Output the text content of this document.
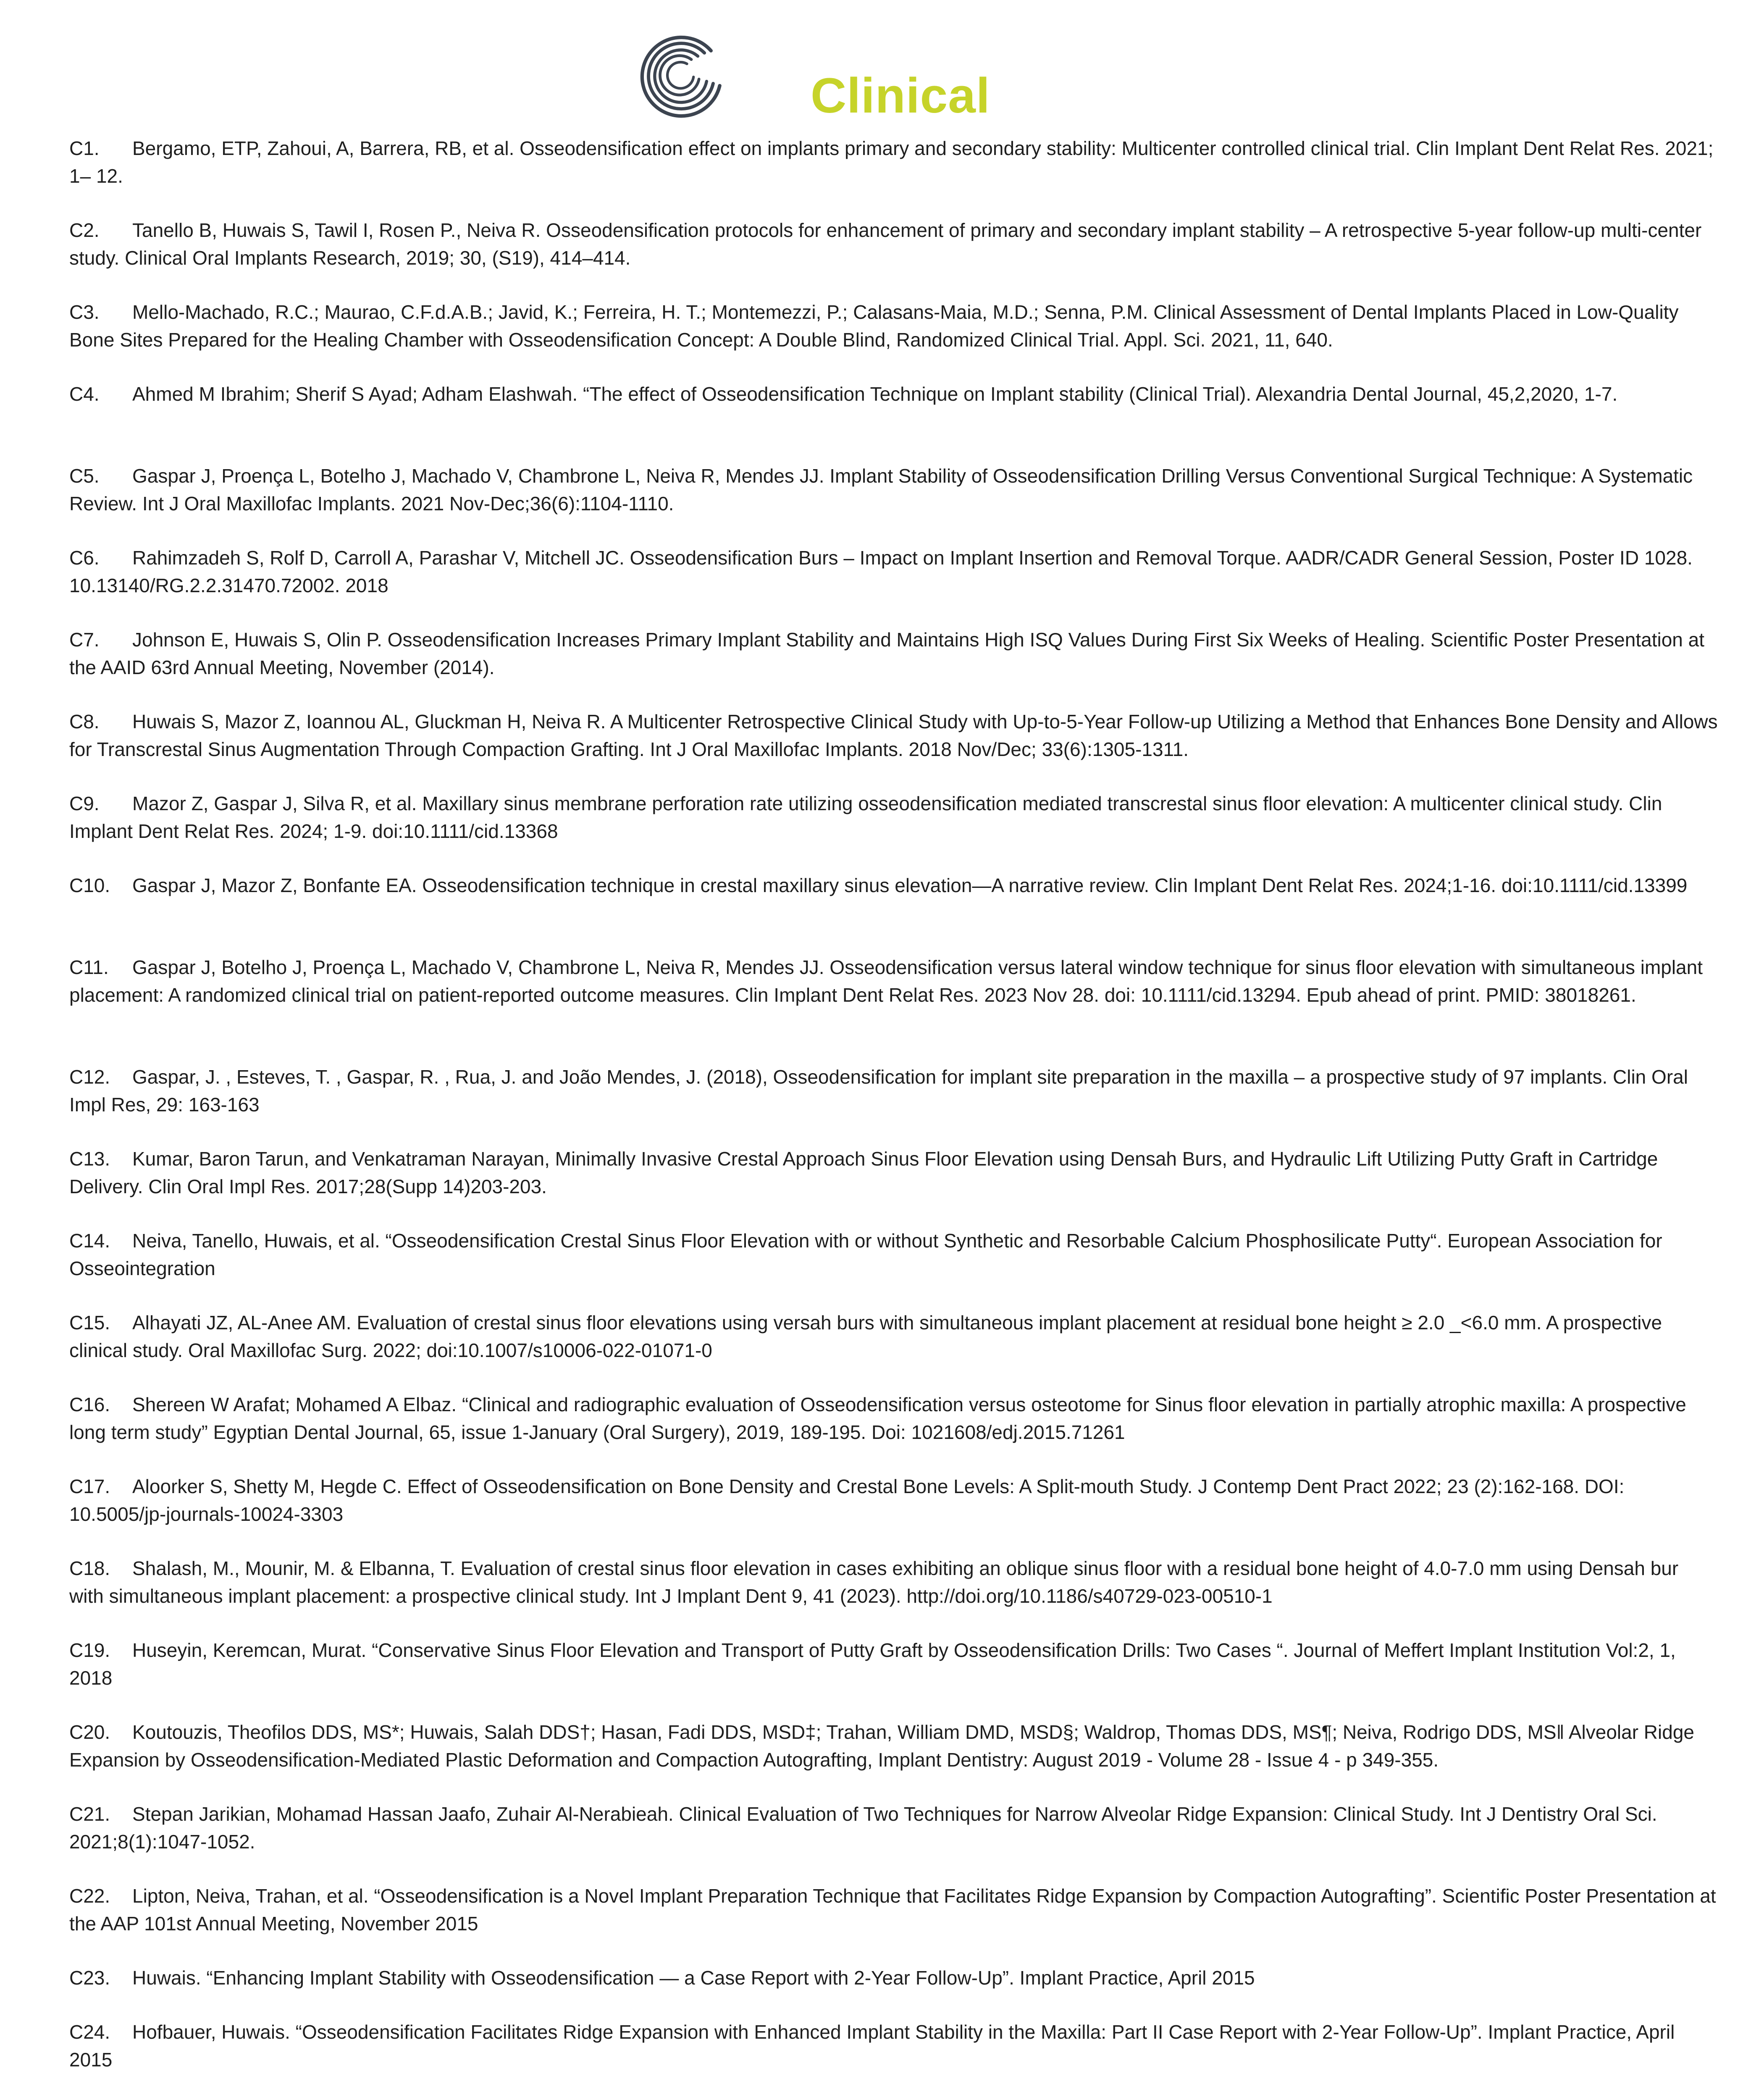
Clinical
C1. Bergamo, ETP, Zahoui, A, Barrera, RB, et al. Osseodensification effect on implants primary and secondary stability: Multicenter controlled clinical trial. Clin Implant Dent Relat Res. 2021; 1– 12.
C2. Tanello B, Huwais S, Tawil I, Rosen P., Neiva R. Osseodensification protocols for enhancement of primary and secondary implant stability – A retrospective 5-year follow-up multi-center study. Clinical Oral Implants Research, 2019; 30, (S19), 414–414.
C3. Mello-Machado, R.C.; Maurao, C.F.d.A.B.; Javid, K.; Ferreira, H. T.; Montemezzi, P.; Calasans-Maia, M.D.; Senna, P.M. Clinical Assessment of Dental Implants Placed in Low-Quality Bone Sites Prepared for the Healing Chamber with Osseodensification Concept: A Double Blind, Randomized Clinical Trial. Appl. Sci. 2021, 11, 640.
C4. Ahmed M Ibrahim; Sherif S Ayad; Adham Elashwah. “The effect of Osseodensification Technique on Implant stability (Clinical Trial). Alexandria Dental Journal, 45,2,2020, 1-7.
C5. Gaspar J, Proença L, Botelho J, Machado V, Chambrone L, Neiva R, Mendes JJ. Implant Stability of Osseodensification Drilling Versus Conventional Surgical Technique: A Systematic Review. Int J Oral Maxillofac Implants. 2021 Nov-Dec;36(6):1104-1110.
C6. Rahimzadeh S, Rolf D, Carroll A, Parashar V, Mitchell JC. Osseodensification Burs – Impact on Implant Insertion and Removal Torque. AADR/CADR General Session, Poster ID 1028. 10.13140/RG.2.2.31470.72002. 2018
C7. Johnson E, Huwais S, Olin P. Osseodensification Increases Primary Implant Stability and Maintains High ISQ Values During First Six Weeks of Healing. Scientific Poster Presentation at the AAID 63rd Annual Meeting, November (2014).
C8. Huwais S, Mazor Z, Ioannou AL, Gluckman H, Neiva R. A Multicenter Retrospective Clinical Study with Up-to-5-Year Follow-up Utilizing a Method that Enhances Bone Density and Allows for Transcrestal Sinus Augmentation Through Compaction Grafting. Int J Oral Maxillofac Implants. 2018 Nov/Dec; 33(6):1305-1311.
C9. Mazor Z, Gaspar J, Silva R, et al. Maxillary sinus membrane perforation rate utilizing osseodensification mediated transcrestal sinus floor elevation: A multicenter clinical study. Clin Implant Dent Relat Res. 2024; 1-9. doi:10.1111/cid.13368
C10. Gaspar J, Mazor Z, Bonfante EA. Osseodensification technique in crestal maxillary sinus elevation—A narrative review. Clin Implant Dent Relat Res. 2024;1-16. doi:10.1111/cid.13399
C11. Gaspar J, Botelho J, Proença L, Machado V, Chambrone L, Neiva R, Mendes JJ. Osseodensification versus lateral window technique for sinus floor elevation with simultaneous implant placement: A randomized clinical trial on patient-reported outcome measures. Clin Implant Dent Relat Res. 2023 Nov 28. doi: 10.1111/cid.13294. Epub ahead of print. PMID: 38018261.
C12. Gaspar, J. , Esteves, T. , Gaspar, R. , Rua, J. and João Mendes, J. (2018), Osseodensification for implant site preparation in the maxilla – a prospective study of 97 implants. Clin Oral Impl Res, 29: 163-163
C13. Kumar, Baron Tarun, and Venkatraman Narayan, Minimally Invasive Crestal Approach Sinus Floor Elevation using Densah Burs, and Hydraulic Lift Utilizing Putty Graft in Cartridge Delivery. Clin Oral Impl Res. 2017;28(Supp 14)203-203.
C14. Neiva, Tanello, Huwais, et al. “Osseodensification Crestal Sinus Floor Elevation with or without Synthetic and Resorbable Calcium Phosphosilicate Putty“. European Association for Osseointegration
C15. Alhayati JZ, AL-Anee AM. Evaluation of crestal sinus floor elevations using versah burs with simultaneous implant placement at residual bone height ≥ 2.0 _<6.0 mm. A prospective clinical study. Oral Maxillofac Surg. 2022; doi:10.1007/s10006-022-01071-0
C16. Shereen W Arafat; Mohamed A Elbaz. “Clinical and radiographic evaluation of Osseodensification versus osteotome for Sinus floor elevation in partially atrophic maxilla: A prospective long term study” Egyptian Dental Journal, 65, issue 1-January (Oral Surgery), 2019, 189-195. Doi: 1021608/edj.2015.71261
C17. Aloorker S, Shetty M, Hegde C. Effect of Osseodensification on Bone Density and Crestal Bone Levels: A Split-mouth Study. J Contemp Dent Pract 2022; 23 (2):162-168. DOI: 10.5005/jp-journals-10024-3303
C18. Shalash, M., Mounir, M. & Elbanna, T. Evaluation of crestal sinus floor elevation in cases exhibiting an oblique sinus floor with a residual bone height of 4.0-7.0 mm using Densah bur with simultaneous implant placement: a prospective clinical study. Int J Implant Dent 9, 41 (2023). http://doi.org/10.1186/s40729-023-00510-1
C19. Huseyin, Keremcan, Murat. “Conservative Sinus Floor Elevation and Transport of Putty Graft by Osseodensification Drills: Two Cases “. Journal of Meffert Implant Institution Vol:2, 1, 2018
C20. Koutouzis, Theofilos DDS, MS*; Huwais, Salah DDS†; Hasan, Fadi DDS, MSD‡; Trahan, William DMD, MSD§; Waldrop, Thomas DDS, MS¶; Neiva, Rodrigo DDS, MS‖ Alveolar Ridge Expansion by Osseodensification-Mediated Plastic Deformation and Compaction Autografting, Implant Dentistry: August 2019 - Volume 28 - Issue 4 - p 349-355.
C21. Stepan Jarikian, Mohamad Hassan Jaafo, Zuhair Al-Nerabieah. Clinical Evaluation of Two Techniques for Narrow Alveolar Ridge Expansion: Clinical Study. Int J Dentistry Oral Sci. 2021;8(1):1047-1052.
C22. Lipton, Neiva, Trahan, et al. “Osseodensification is a Novel Implant Preparation Technique that Facilitates Ridge Expansion by Compaction Autografting”. Scientific Poster Presentation at the AAP 101st Annual Meeting, November 2015
C23. Huwais. “Enhancing Implant Stability with Osseodensification — a Case Report with 2-Year Follow-Up”. Implant Practice, April 2015
C24. Hofbauer, Huwais. “Osseodensification Facilitates Ridge Expansion with Enhanced Implant Stability in the Maxilla: Part II Case Report with 2-Year Follow-Up”. Implant Practice, April 2015
